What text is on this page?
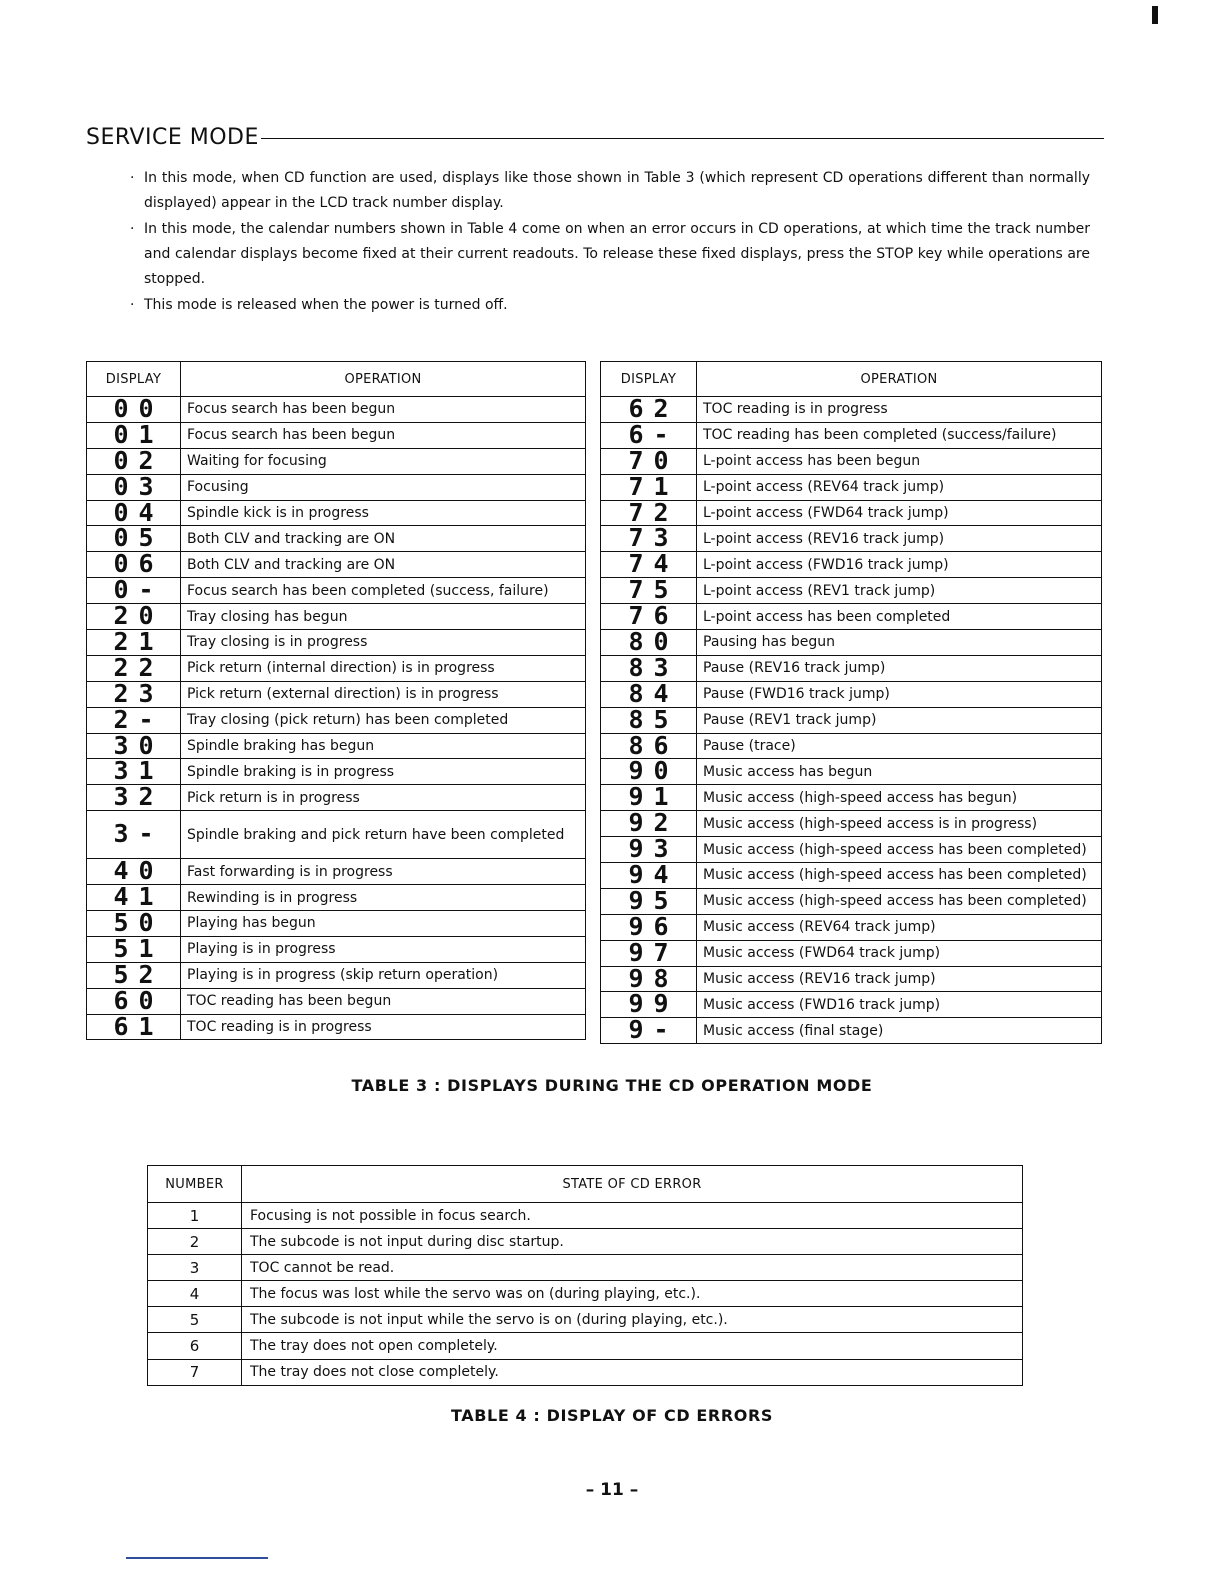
SERVICE MODE
· In this mode, when CD function are used, displays like those shown in Table 3 (which represent CD operations different than normally displayed) appear in the LCD track number display.
· In this mode, the calendar numbers shown in Table 4 come on when an error occurs in CD operations, at which time the track number and calendar displays become fixed at their current readouts. To release these fixed displays, press the STOP key while operations are stopped.
· This mode is released when the power is turned off.
DISPLAY	OPERATION
00	Focus search has been begun
01	Focus search has been begun
02	Waiting for focusing
03	Focusing
04	Spindle kick is in progress
05	Both CLV and tracking are ON
06	Both CLV and tracking are ON
0-	Focus search has been completed (success, failure)
20	Tray closing has begun
21	Tray closing is in progress
22	Pick return (internal direction) is in progress
23	Pick return (external direction) is in progress
2-	Tray closing (pick return) has been completed
30	Spindle braking has begun
31	Spindle braking is in progress
32	Pick return is in progress
3-	Spindle braking and pick return have been completed
40	Fast forwarding is in progress
41	Rewinding is in progress
50	Playing has begun
51	Playing is in progress
52	Playing is in progress (skip return operation)
60	TOC reading has been begun
61	TOC reading is in progress
DISPLAY	OPERATION
62	TOC reading is in progress
6-	TOC reading has been completed (success/failure)
70	L-point access has been begun
71	L-point access (REV64 track jump)
72	L-point access (FWD64 track jump)
73	L-point access (REV16 track jump)
74	L-point access (FWD16 track jump)
75	L-point access (REV1 track jump)
76	L-point access has been completed
80	Pausing has begun
83	Pause (REV16 track jump)
84	Pause (FWD16 track jump)
85	Pause (REV1 track jump)
86	Pause (trace)
90	Music access has begun
91	Music access (high-speed access has begun)
92	Music access (high-speed access is in progress)
93	Music access (high-speed access has been completed)
94	Music access (high-speed access has been completed)
95	Music access (high-speed access has been completed)
96	Music access (REV64 track jump)
97	Music access (FWD64 track jump)
98	Music access (REV16 track jump)
99	Music access (FWD16 track jump)
9-	Music access (final stage)
TABLE 3 : DISPLAYS DURING THE CD OPERATION MODE
NUMBER	STATE OF CD ERROR
1	Focusing is not possible in focus search.
2	The subcode is not input during disc startup.
3	TOC cannot be read.
4	The focus was lost while the servo was on (during playing, etc.).
5	The subcode is not input while the servo is on (during playing, etc.).
6	The tray does not open completely.
7	The tray does not close completely.
TABLE 4 : DISPLAY OF CD ERRORS
– 11 –
